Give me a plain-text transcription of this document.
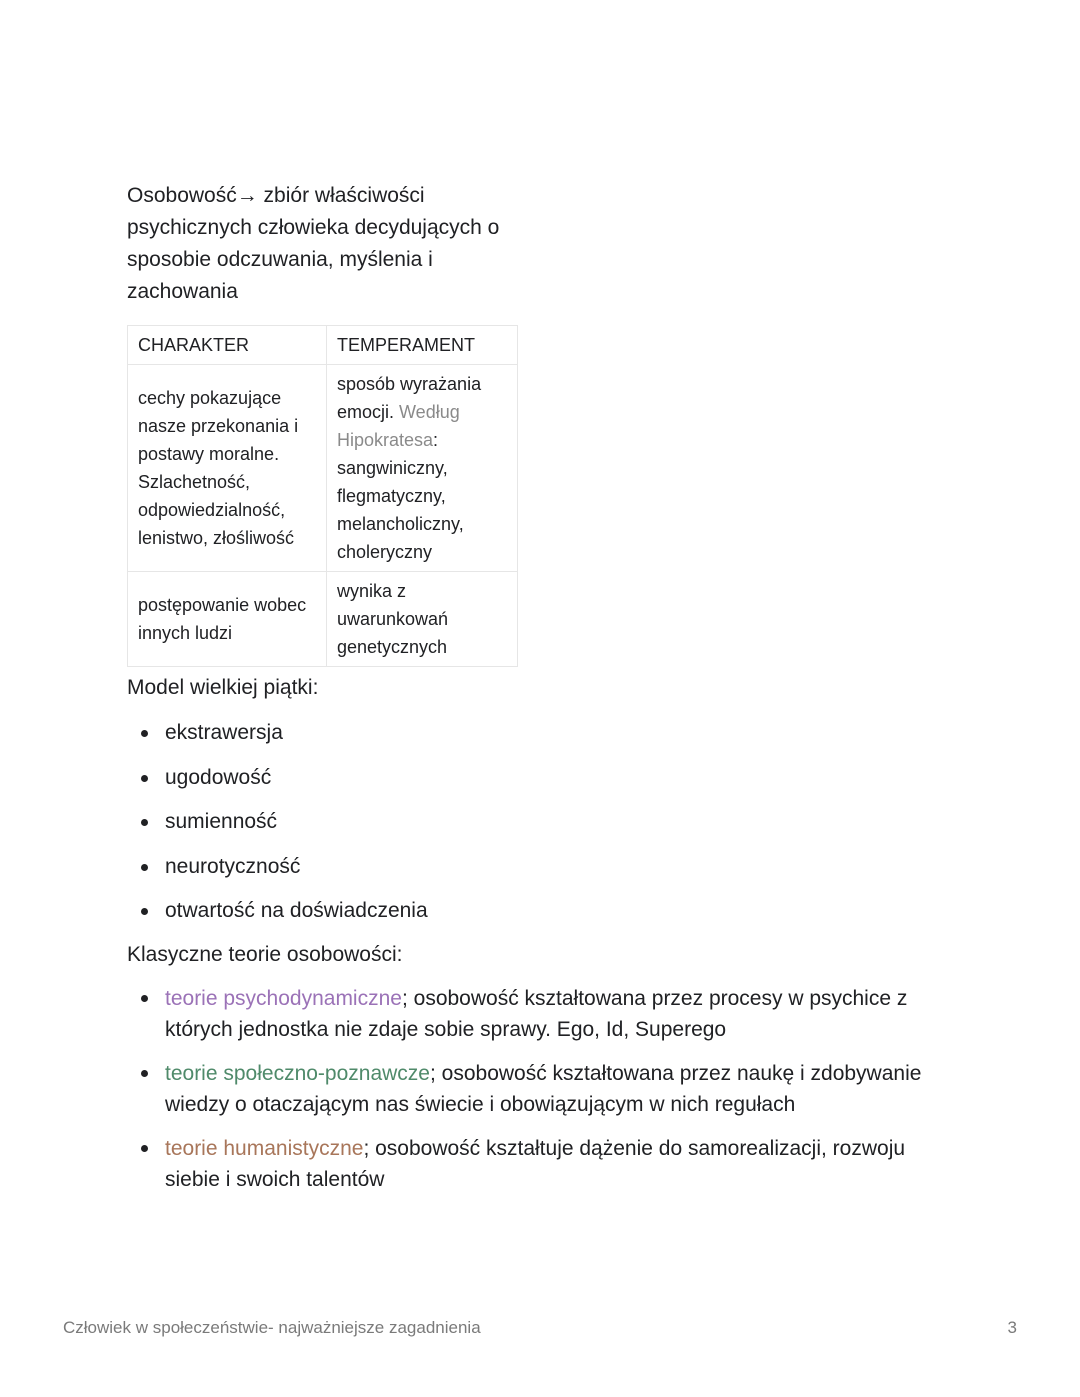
Osobowość→ zbiór właściwości psychicznych człowieka decydujących o sposobie odczuwania, myślenia i zachowania

CHARAKTER	TEMPERAMENT
cechy pokazujące nasze przekonania i postawy moralne. Szlachetność, odpowiedzialność, lenistwo, złośliwość	sposób wyrażania emocji. Według Hipokratesa: sangwiniczny, flegmatyczny, melancholiczny, choleryczny
postępowanie wobec innych ludzi	wynika z uwarunkowań genetycznych

Model wielkiej piątki:

ekstrawersja
ugodowość
sumienność
neurotyczność
otwartość na doświadczenia

Klasyczne teorie osobowości:

teorie psychodynamiczne; osobowość kształtowana przez procesy w psychice z których jednostka nie zdaje sobie sprawy. Ego, Id, Superego
teorie społeczno-poznawcze; osobowość kształtowana przez naukę i zdobywanie wiedzy o otaczającym nas świecie i obowiązującym w nich regułach
teorie humanistyczne; osobowość kształtuje dążenie do samorealizacji, rozwoju siebie i swoich talentów
Człowiek w społeczeństwie- najważniejsze zagadnienia	3
